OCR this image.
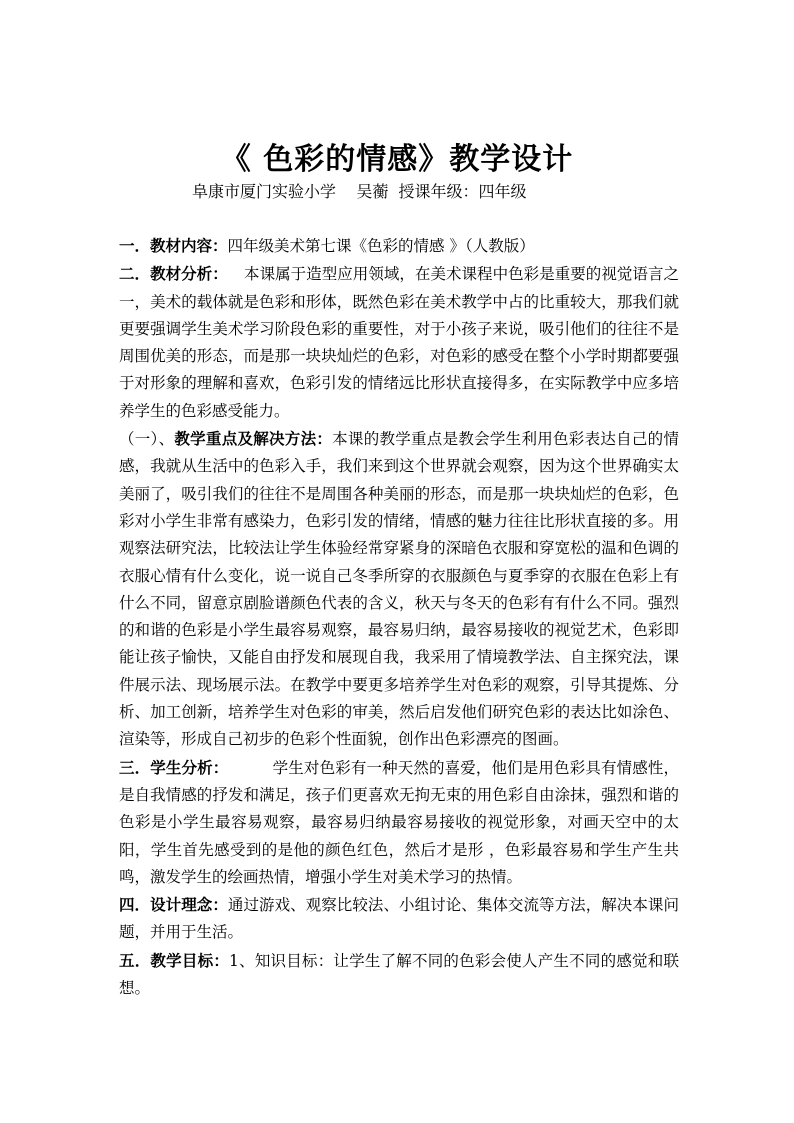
《 色彩的情感》教学设计
阜康市厦门实验小学    吴蘅  授课年级：四年级

一．教材内容：四年级美术第七课《色彩的情感 》（人教版）

二．教材分析：   本课属于造型应用领域，在美术课程中色彩是重要的视觉语言之一，美术的载体就是色彩和形体，既然色彩在美术教学中占的比重较大，那我们就更要强调学生美术学习阶段色彩的重要性，对于小孩子来说，吸引他们的往往不是周围优美的形态，而是那一块块灿烂的色彩，对色彩的感受在整个小学时期都要强于对形象的理解和喜欢，色彩引发的情绪远比形状直接得多，在实际教学中应多培养学生的色彩感受能力。

（一）、教学重点及解决方法：本课的教学重点是教会学生利用色彩表达自己的情感，我就从生活中的色彩入手，我们来到这个世界就会观察，因为这个世界确实太美丽了，吸引我们的往往不是周围各种美丽的形态，而是那一块块灿烂的色彩，色彩对小学生非常有感染力，色彩引发的情绪，情感的魅力往往比形状直接的多。用观察法研究法，比较法让学生体验经常穿紧身的深暗色衣服和穿宽松的温和色调的衣服心情有什么变化，说一说自己冬季所穿的衣服颜色与夏季穿的衣服在色彩上有什么不同，留意京剧脸谱颜色代表的含义，秋天与冬天的色彩有有什么不同。强烈的和谐的色彩是小学生最容易观察，最容易归纳，最容易接收的视觉艺术，色彩即能让孩子愉快，又能自由抒发和展现自我，我采用了情境教学法、自主探究法，课件展示法、现场展示法。在教学中要更多培养学生对色彩的观察，引导其提炼、分析、加工创新，培养学生对色彩的审美，然后启发他们研究色彩的表达比如涂色、渲染等，形成自己初步的色彩个性面貌，创作出色彩漂亮的图画。

三．学生分析：        学生对色彩有一种天然的喜爱，他们是用色彩具有情感性，是自我情感的抒发和满足，孩子们更喜欢无拘无束的用色彩自由涂抹，强烈和谐的色彩是小学生最容易观察，最容易归纳最容易接收的视觉形象，对画天空中的太阳，学生首先感受到的是他的颜色红色，然后才是形 ，色彩最容易和学生产生共鸣，激发学生的绘画热情，增强小学生对美术学习的热情。

四．设计理念：通过游戏、观察比较法、小组讨论、集体交流等方法，解决本课问题，并用于生活。

五．教学目标：1、知识目标：让学生了解不同的色彩会使人产生不同的感觉和联想。
